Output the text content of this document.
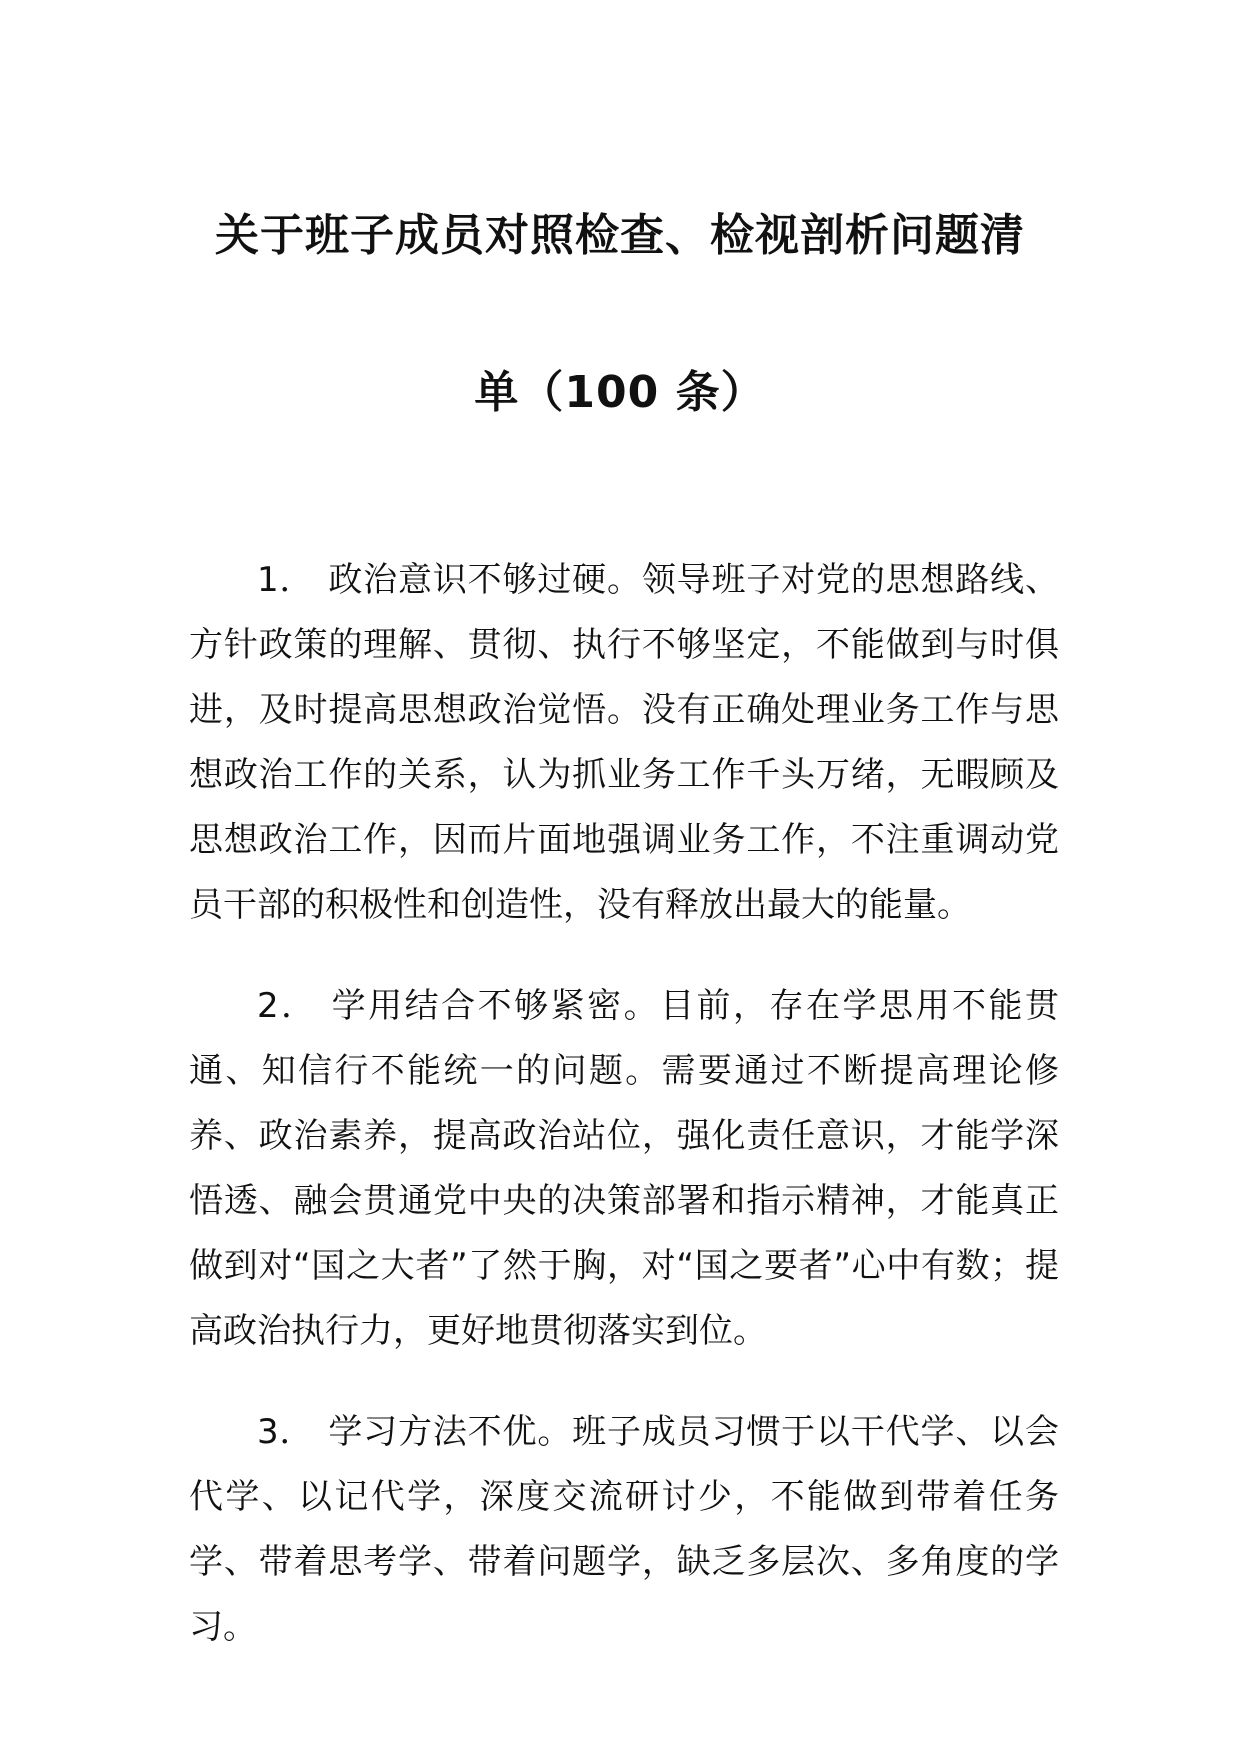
关于班子成员对照检查、检视剖析问题清
单（100 条）

1． 政治意识不够过硬。领导班子对党的思想路线、方针政策的理解、贯彻、执行不够坚定，不能做到与时俱进，及时提高思想政治觉悟。没有正确处理业务工作与思想政治工作的关系，认为抓业务工作千头万绪，无暇顾及思想政治工作，因而片面地强调业务工作，不注重调动党员干部的积极性和创造性，没有释放出最大的能量。

2． 学用结合不够紧密。目前，存在学思用不能贯通、知信行不能统一的问题。需要通过不断提高理论修养、政治素养，提高政治站位，强化责任意识，才能学深悟透、融会贯通党中央的决策部署和指示精神，才能真正做到对“国之大者”了然于胸，对“国之要者”心中有数；提高政治执行力，更好地贯彻落实到位。

3． 学习方法不优。班子成员习惯于以干代学、以会代学、以记代学，深度交流研讨少，不能做到带着任务学、带着思考学、带着问题学，缺乏多层次、多角度的学习。
